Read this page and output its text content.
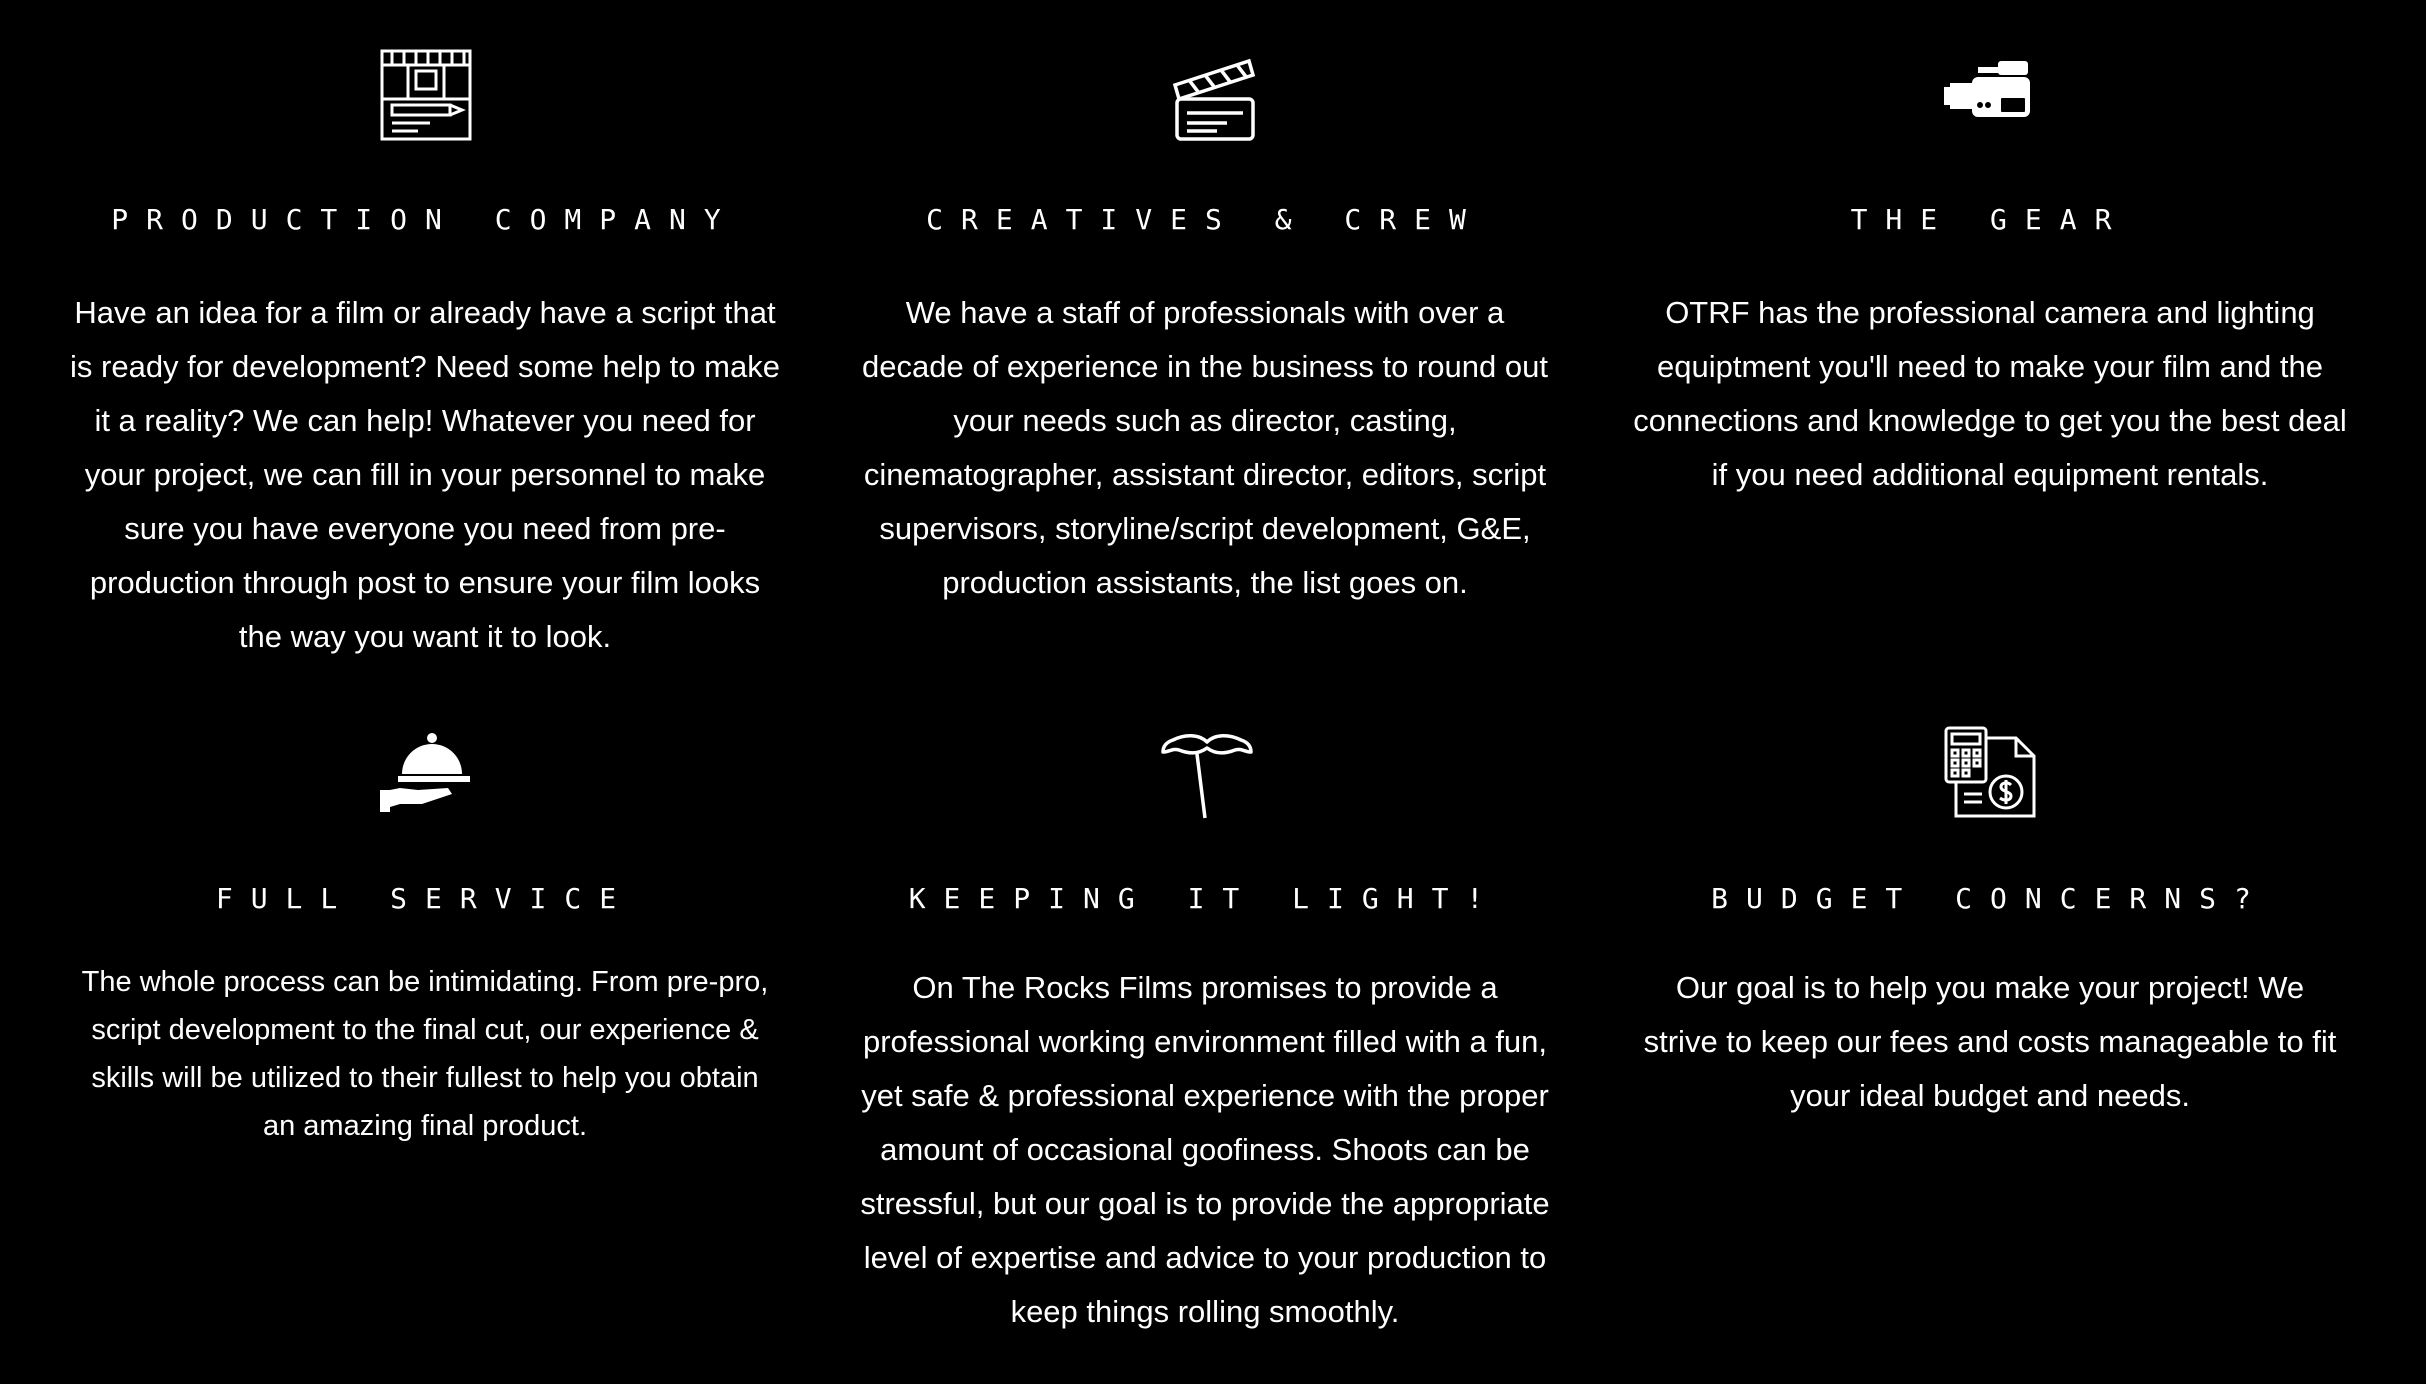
PRODUCTION COMPANY

Have an idea for a film or already have a script that is ready for development? Need some help to make it a reality? We can help! Whatever you need for your project, we can fill in your personnel to make sure you have everyone you need from pre-production through post to ensure your film looks the way you want it to look.

CREATIVES & CREW

We have a staff of professionals with over a decade of experience in the business to round out your needs such as director, casting, cinematographer, assistant director, editors, script supervisors, storyline/script development, G&E, production assistants, the list goes on.

THE GEAR

OTRF has the professional camera and lighting equiptment you'll need to make your film and the connections and knowledge to get you the best deal if you need additional equipment rentals.

FULL SERVICE

The whole process can be intimidating. From pre-pro, script development to the final cut, our experience & skills will be utilized to their fullest to help you obtain an amazing final product.

KEEPING IT LIGHT!

On The Rocks Films promises to provide a professional working environment filled with a fun, yet safe & professional experience with the proper amount of occasional goofiness. Shoots can be stressful, but our goal is to provide the appropriate level of expertise and advice to your production to keep things rolling smoothly.

BUDGET CONCERNS?

Our goal is to help you make your project! We strive to keep our fees and costs manageable to fit your ideal budget and needs.
